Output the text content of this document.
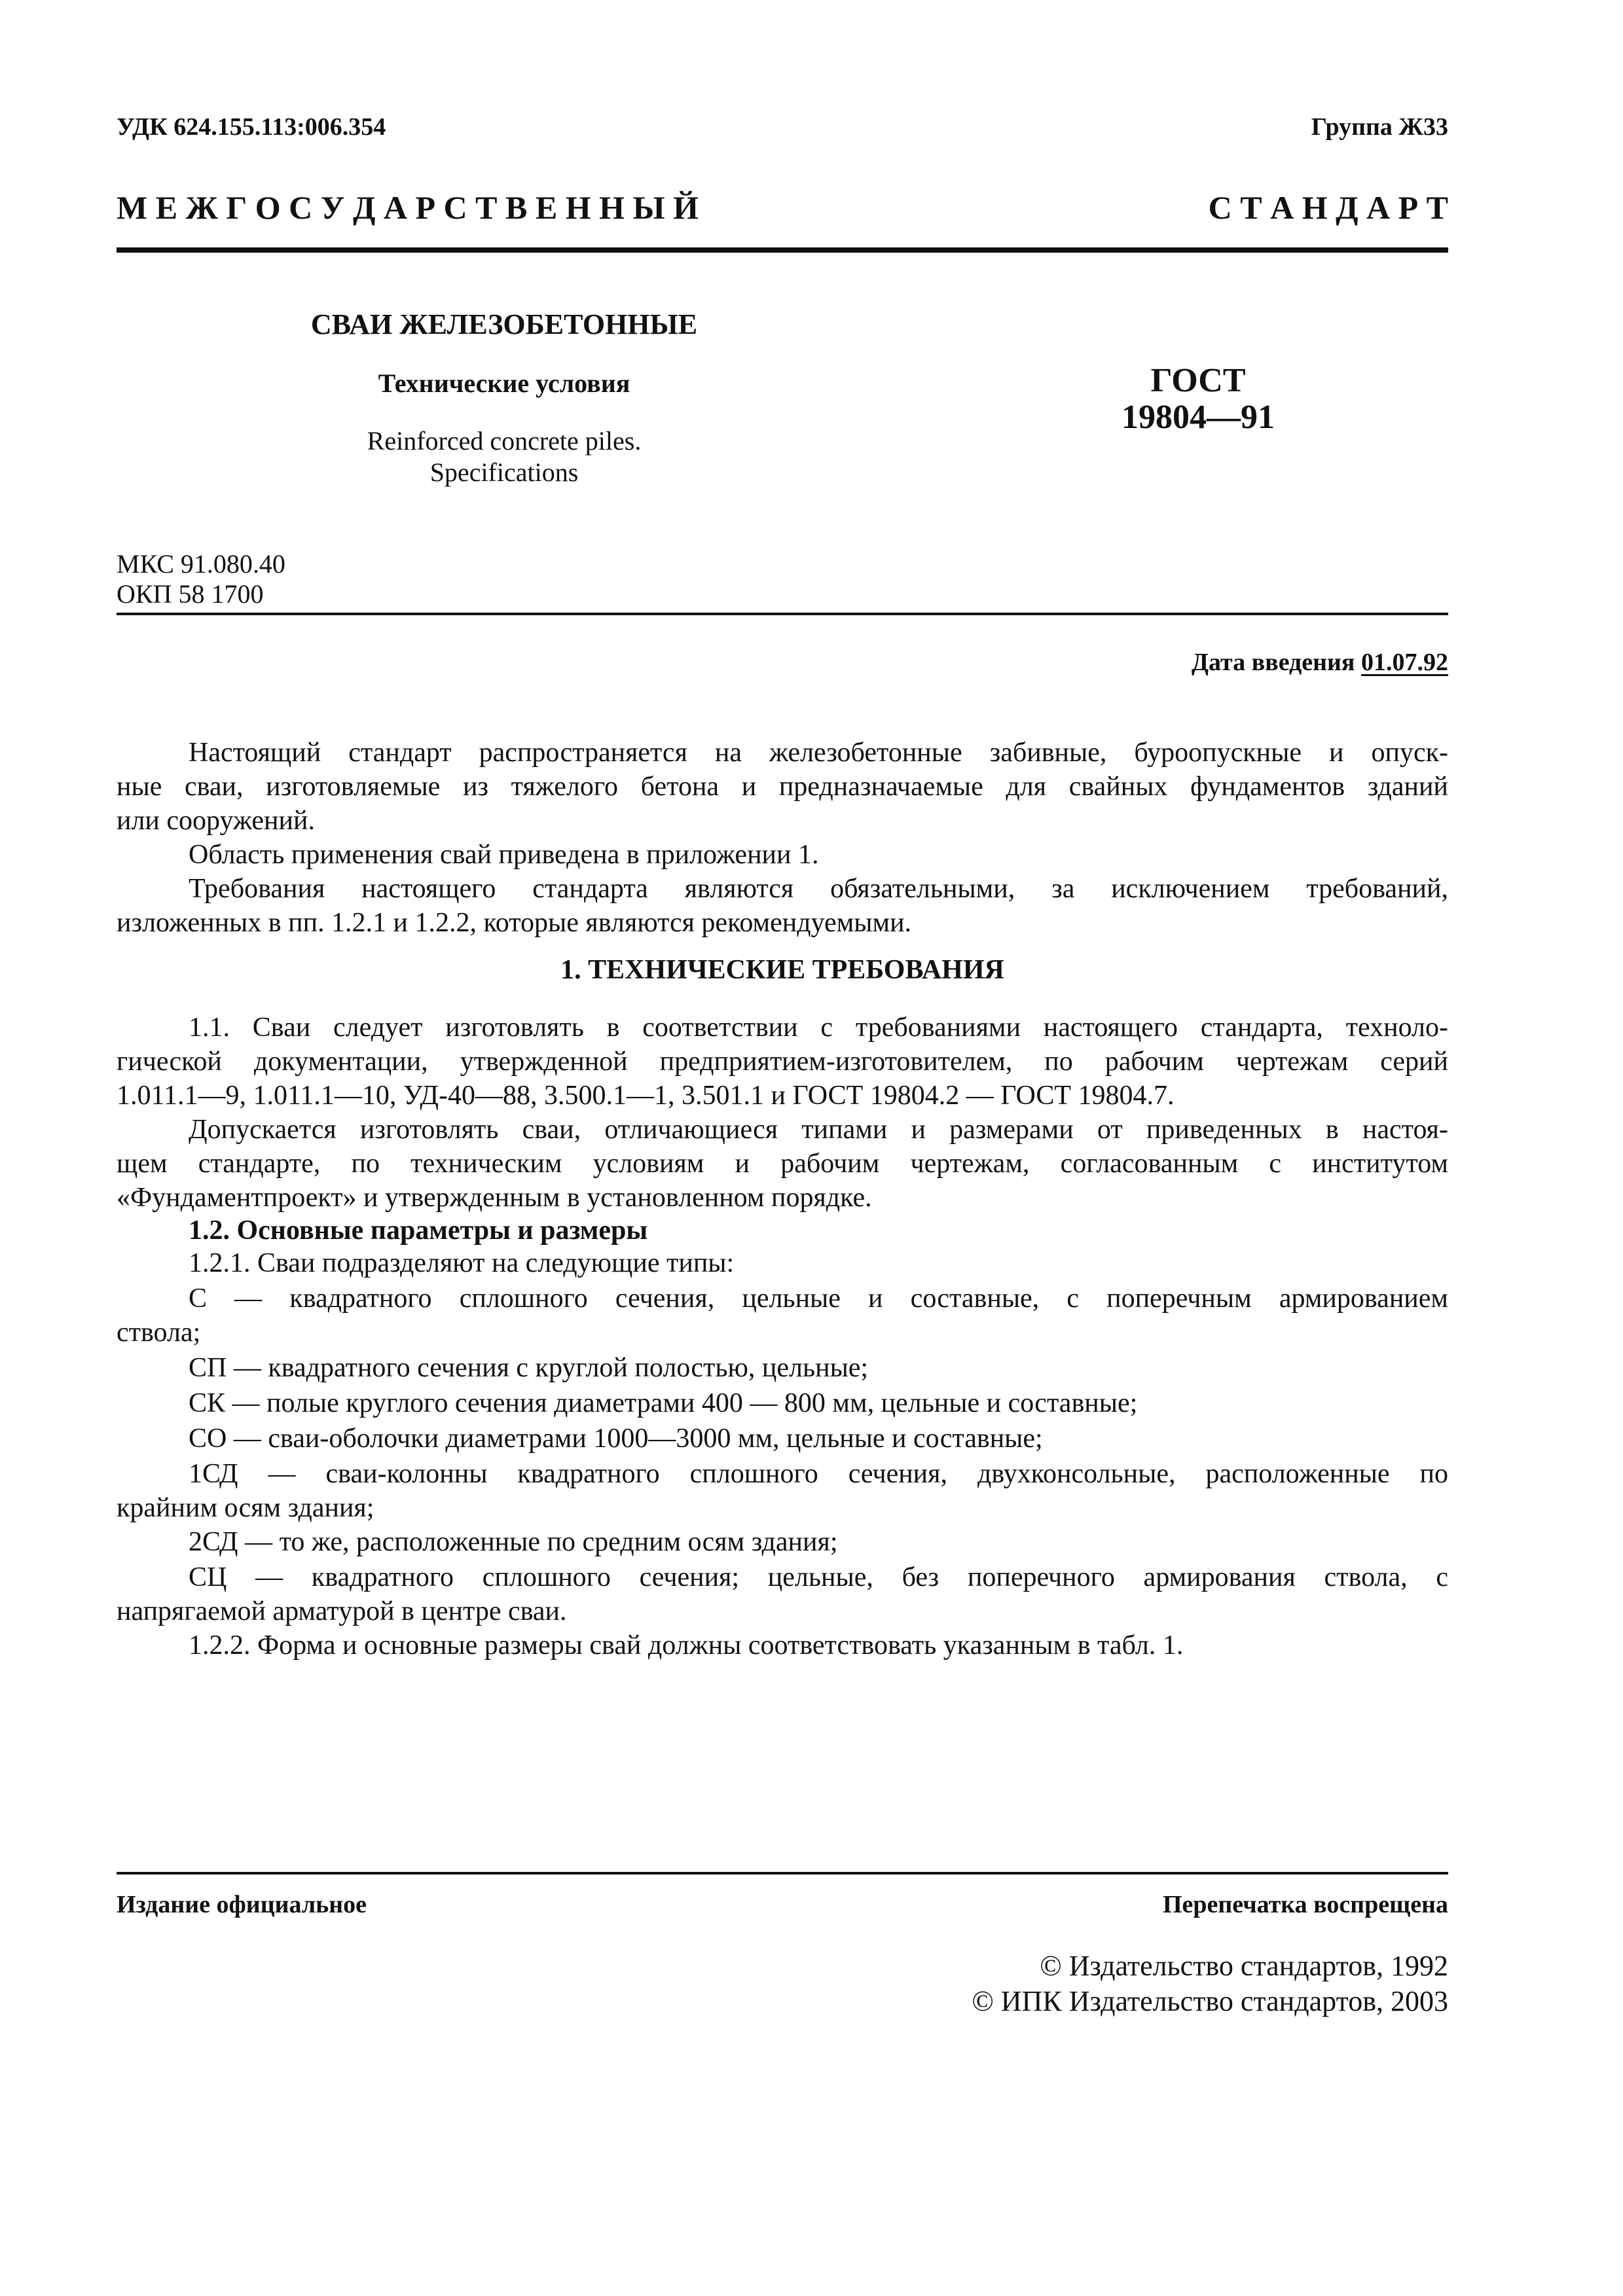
УДК 624.155.113:006.354	Группа Ж33
М Е Ж Г О С У Д А Р С Т В Е Н Н Ы Й	С Т А Н Д А Р Т
СВАИ ЖЕЛЕЗОБЕТОННЫЕ
Технические условия
Reinforced concrete piles.
Specifications
ГОСТ
19804—91
МКС 91.080.40
ОКП 58 1700
Дата введения 01.07.92
Настоящий стандарт распространяется на железобетонные забивные, буроопускные и опуск-
ные сваи, изготовляемые из тяжелого бетона и предназначаемые для свайных фундаментов зданий
или сооружений.
Область применения свай приведена в приложении 1.
Требования настоящего стандарта являются обязательными, за исключением требований,
изложенных в пп. 1.2.1 и 1.2.2, которые являются рекомендуемыми.
1. ТЕХНИЧЕСКИЕ ТРЕБОВАНИЯ
1.1. Сваи следует изготовлять в соответствии с требованиями настоящего стандарта, техноло-
гической документации, утвержденной предприятием-изготовителем, по рабочим чертежам серий
1.011.1—9, 1.011.1—10, УД-40—88, 3.500.1—1, 3.501.1 и ГОСТ 19804.2 — ГОСТ 19804.7.
Допускается изготовлять сваи, отличающиеся типами и размерами от приведенных в настоя-
щем стандарте, по техническим условиям и рабочим чертежам, согласованным с институтом
«Фундаментпроект» и утвержденным в установленном порядке.
1.2. Основные параметры и размеры
1.2.1. Сваи подразделяют на следующие типы:
С — квадратного сплошного сечения, цельные и составные, с поперечным армированием
ствола;
СП — квадратного сечения с круглой полостью, цельные;
СК — полые круглого сечения диаметрами 400 — 800 мм, цельные и составные;
СО — сваи-оболочки диаметрами 1000—3000 мм, цельные и составные;
1СД — сваи-колонны квадратного сплошного сечения, двухконсольные, расположенные по
крайним осям здания;
2СД — то же, расположенные по средним осям здания;
СЦ — квадратного сплошного сечения; цельные, без поперечного армирования ствола, с
напрягаемой арматурой в центре сваи.
1.2.2. Форма и основные размеры свай должны соответствовать указанным в табл. 1.
Издание официальное	Перепечатка воспрещена
© Издательство стандартов, 1992
© ИПК Издательство стандартов, 2003
